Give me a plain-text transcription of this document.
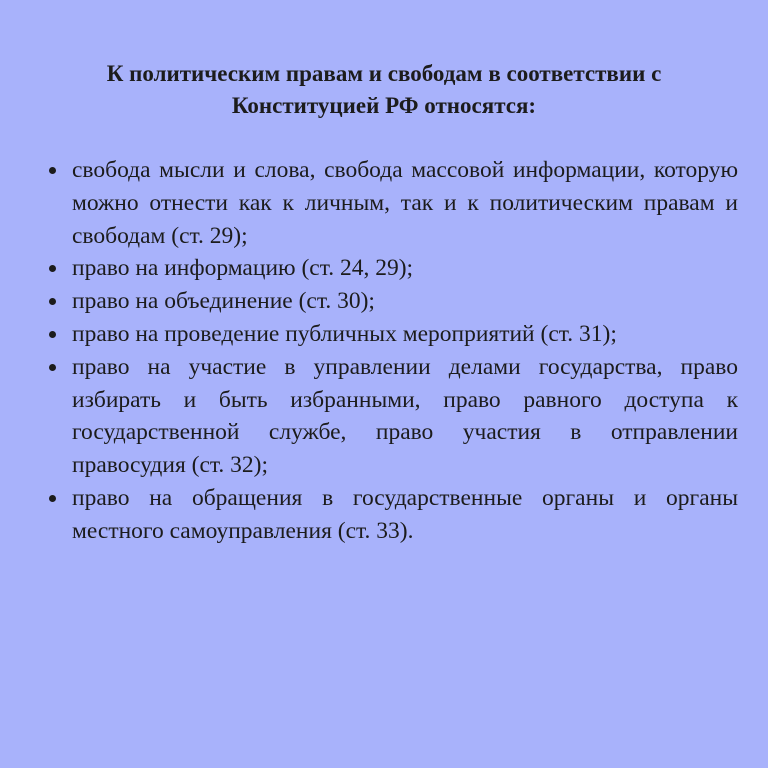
К политическим правам и свободам в соответствии с
Конституцией РФ относятся:
свобода мысли и слова, свобода массовой информации, которую можно отнести как к личным, так и к политическим правам и свободам (ст. 29);
право на информацию (ст. 24, 29);
право на объединение (ст. 30);
право на проведение публичных мероприятий (ст. 31);
право на участие в управлении делами государства, право избирать и быть избранными, право равного доступа к государственной службе, право участия в отправлении правосудия (ст. 32);
право на обращения в государственные органы и органы местного самоуправления (ст. 33).
